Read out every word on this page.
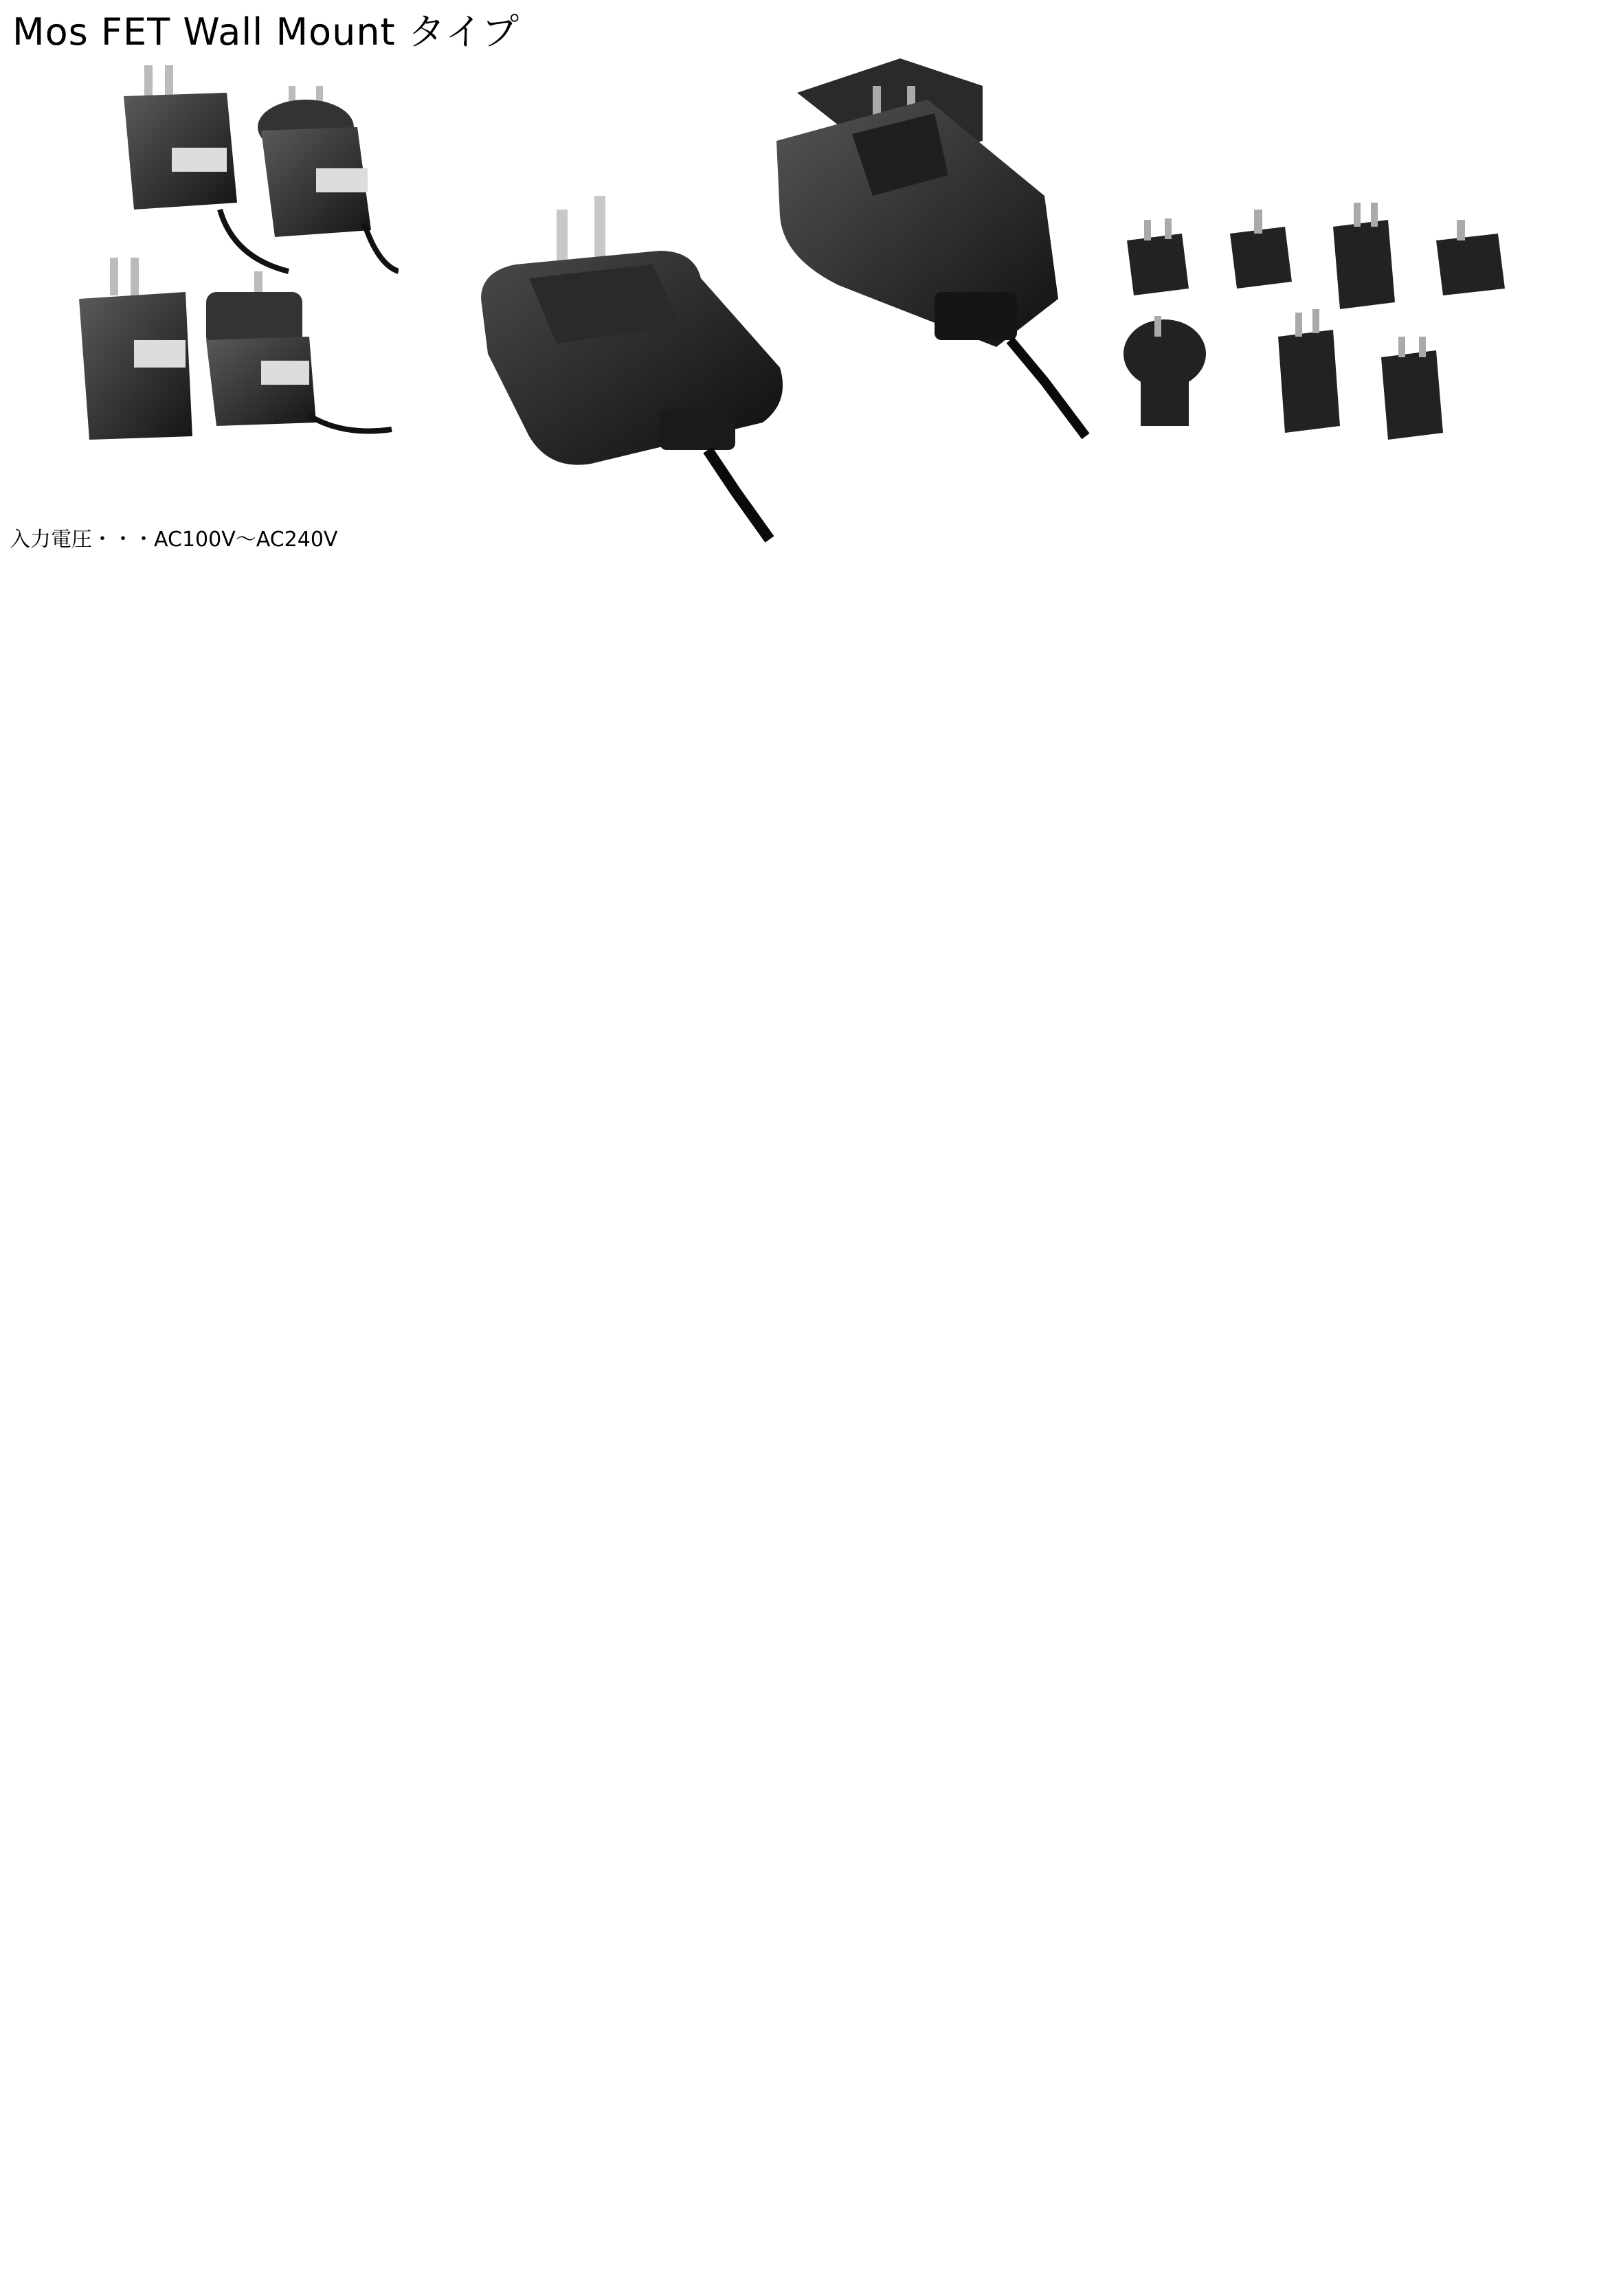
Mos FET Wall Mount タイプ
入力電圧・・・AC100V～AC240V
